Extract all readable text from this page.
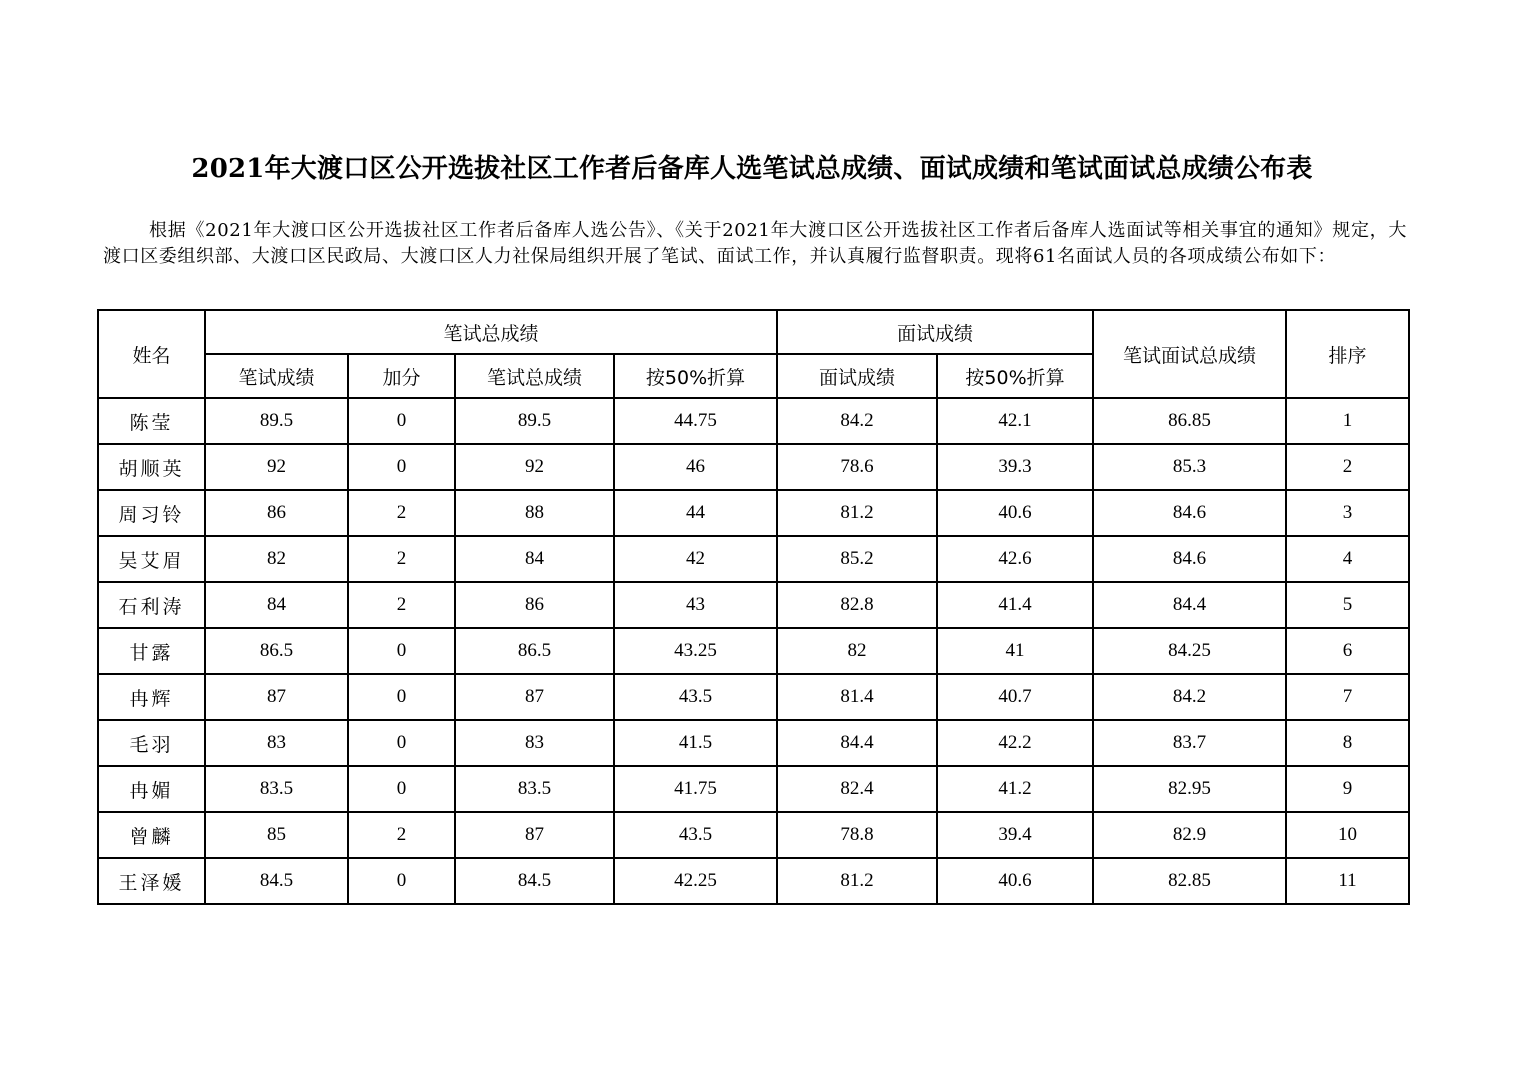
2021年大渡口区公开选拔社区工作者后备库人选笔试总成绩、面试成绩和笔试面试总成绩公布表
根据《2021年大渡口区公开选拔社区工作者后备库人选公告》、《关于2021年大渡口区公开选拔社区工作者后备库人选面试等相关事宜的通知》规定，大渡口区委组织部、大渡口区民政局、大渡口区人力社保局组织开展了笔试、面试工作，并认真履行监督职责。现将61名面试人员的各项成绩公布如下：
姓名	笔试总成绩				面试成绩		笔试面试总成绩	排序
	笔试成绩	加分	笔试总成绩	按50%折算	面试成绩	按50%折算		
陈莹	89.5	0	89.5	44.75	84.2	42.1	86.85	1
胡顺英	92	0	92	46	78.6	39.3	85.3	2
周习铃	86	2	88	44	81.2	40.6	84.6	3
吴艾眉	82	2	84	42	85.2	42.6	84.6	4
石利涛	84	2	86	43	82.8	41.4	84.4	5
甘露	86.5	0	86.5	43.25	82	41	84.25	6
冉辉	87	0	87	43.5	81.4	40.7	84.2	7
毛羽	83	0	83	41.5	84.4	42.2	83.7	8
冉媚	83.5	0	83.5	41.75	82.4	41.2	82.95	9
曾麟	85	2	87	43.5	78.8	39.4	82.9	10
王泽媛	84.5	0	84.5	42.25	81.2	40.6	82.85	11
